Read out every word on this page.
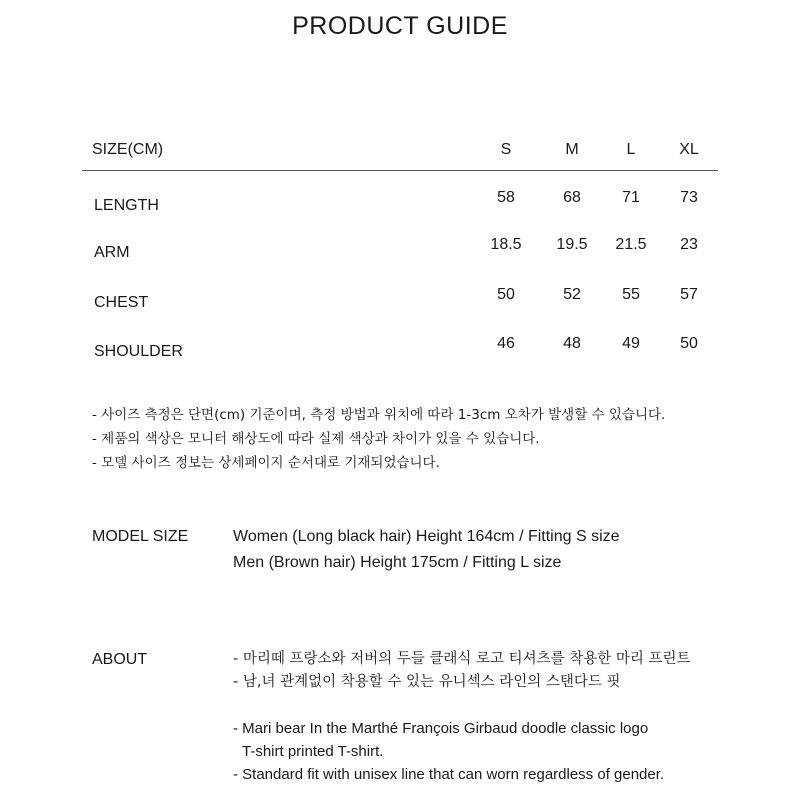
PRODUCT GUIDE
SIZE(CM)	S	M	L	XL
LENGTH	58	68	71	73
ARM	18.5	19.5	21.5	23
CHEST	50	52	55	57
SHOULDER	46	48	49	50
- 사이즈 측정은 단면(cm) 기준이며, 측정 방법과 위치에 따라 1-3cm 오차가 발생할 수 있습니다.
- 제품의 색상은 모니터 해상도에 따라 실제 색상과 차이가 있을 수 있습니다.
- 모델 사이즈 정보는 상세페이지 순서대로 기재되었습니다.
MODEL SIZE	Women (Long black hair) Height 164cm / Fitting S size
Men (Brown hair) Height 175cm / Fitting L size
ABOUT	- 마리떼 프랑소와 저버의 두들 클래식 로고 티셔츠를 착용한 마리 프린트
- 남,녀 관계없이 착용할 수 있는 유니섹스 라인의 스탠다드 핏
- Mari bear In the Marthé François Girbaud doodle classic logo
T-shirt printed T-shirt.
- Standard fit with unisex line that can worn regardless of gender.
